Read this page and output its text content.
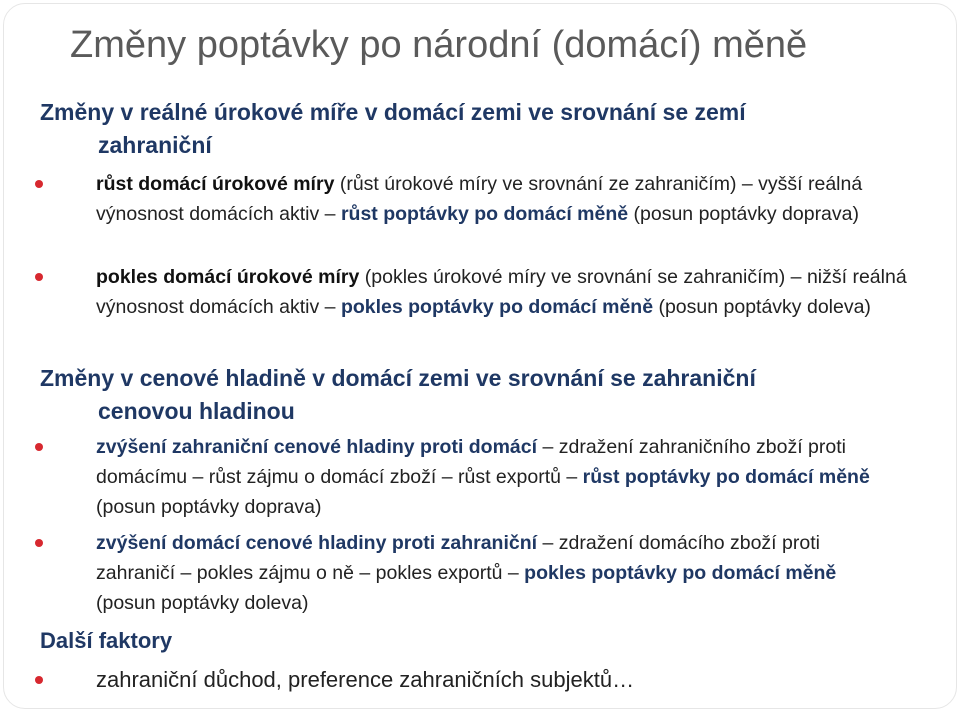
Změny poptávky po národní (domácí) měně
Změny v reálné úrokové míře v domácí zemi ve srovnání se zemí
zahraniční
růst domácí úrokové míry (růst úrokové míry ve srovnání ze zahraničím) – vyšší reálná výnosnost domácích aktiv – růst poptávky po domácí měně (posun poptávky doprava)
pokles domácí úrokové míry (pokles úrokové míry ve srovnání se zahraničím) – nižší reálná výnosnost domácích aktiv – pokles poptávky po domácí měně (posun poptávky doleva)
Změny v cenové hladině v domácí zemi ve srovnání se zahraniční
cenovou hladinou
zvýšení zahraniční cenové hladiny proti domácí – zdražení zahraničního zboží proti domácímu – růst zájmu o domácí zboží – růst exportů – růst poptávky po domácí měně (posun poptávky doprava)
zvýšení domácí cenové hladiny proti zahraniční – zdražení domácího zboží proti zahraničí – pokles zájmu o ně – pokles exportů – pokles poptávky po domácí měně (posun poptávky doleva)
Další faktory
zahraniční důchod, preference zahraničních subjektů…
